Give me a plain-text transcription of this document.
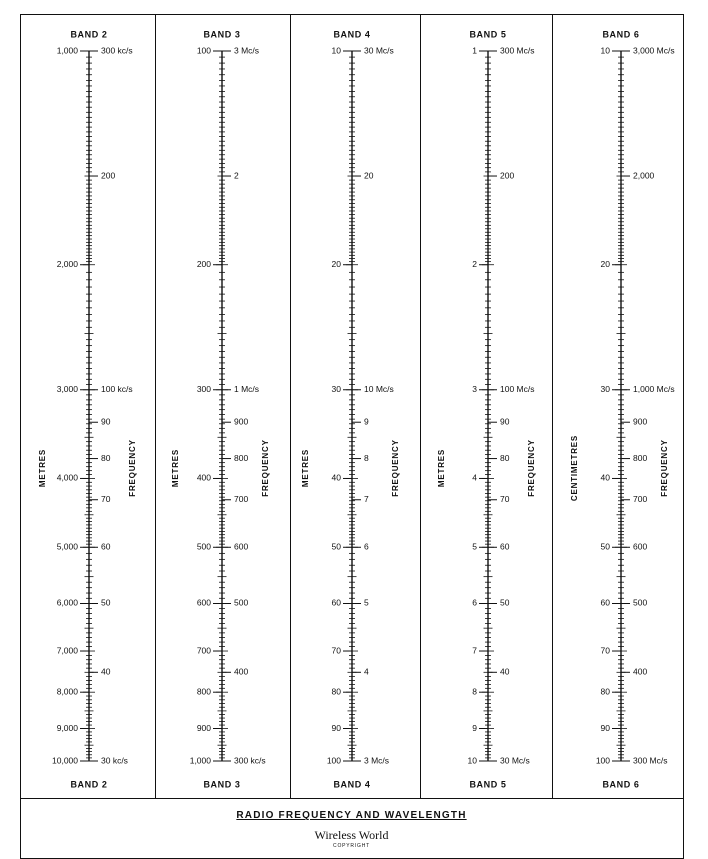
BAND 2
BAND 2
1,000
2,000
3,000
4,000
5,000
6,000
7,000
8,000
9,000
10,000
300 kc/s
200
100 kc/s
90
80
70
60
50
40
30 kc/s
METRES	FREQUENCY
BAND 3
BAND 3
100
200
300
400
500
600
700
800
900
1,000
3 Mc/s
2
1 Mc/s
900
800
700
600
500
400
300 kc/s
METRES	FREQUENCY
BAND 4
BAND 4
10
20
30
40
50
60
70
80
90
100
30 Mc/s
20
10 Mc/s
9
8
7
6
5
4
3 Mc/s
METRES	FREQUENCY
BAND 5
BAND 5
1
2
3
4
5
6
7
8
9
10
300 Mc/s
200
100 Mc/s
90
80
70
60
50
40
30 Mc/s
METRES	FREQUENCY
BAND 6
BAND 6
10
20
30
40
50
60
70
80
90
100
3,000 Mc/s
2,000
1,000 Mc/s
900
800
700
600
500
400
300 Mc/s
CENTIMETRES	FREQUENCY
RADIO FREQUENCY AND WAVELENGTH
Wireless World
COPYRIGHT
